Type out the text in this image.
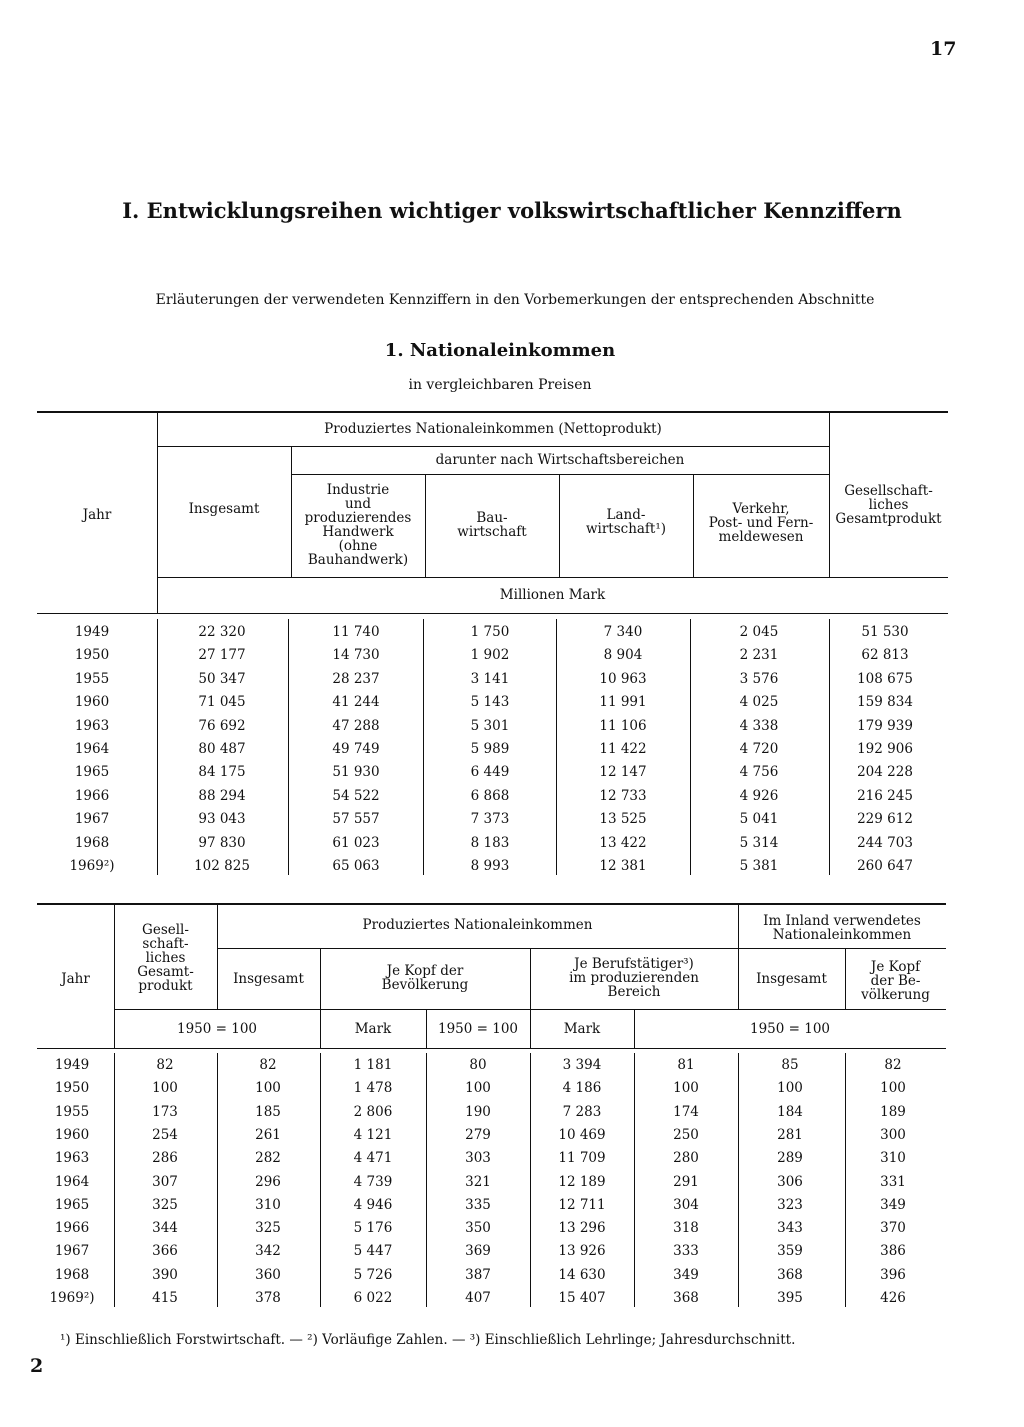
17
I. Entwicklungsreihen wichtiger volkswirtschaftlicher Kennziffern
Erläuterungen der verwendeten Kennziffern in den Vorbemerkungen der entsprechenden Abschnitte
1. Nationaleinkommen
in vergleichbaren Preisen
Jahr
Produziertes Nationaleinkommen (Nettoprodukt)
darunter nach Wirtschaftsbereichen
Insgesamt
Industrie
und
produzierendes
Handwerk
(ohne
Bauhandwerk)
Bau-
wirtschaft
Land-
wirtschaft¹)
Verkehr,
Post- und Fern-
meldewesen
Gesellschaft-
liches
Gesamtprodukt
Millionen Mark
1949	22 320	11 740	1 750	7 340	2 045	51 530
1950	27 177	14 730	1 902	8 904	2 231	62 813
1955	50 347	28 237	3 141	10 963	3 576	108 675
1960	71 045	41 244	5 143	11 991	4 025	159 834
1963	76 692	47 288	5 301	11 106	4 338	179 939
1964	80 487	49 749	5 989	11 422	4 720	192 906
1965	84 175	51 930	6 449	12 147	4 756	204 228
1966	88 294	54 522	6 868	12 733	4 926	216 245
1967	93 043	57 557	7 373	13 525	5 041	229 612
1968	97 830	61 023	8 183	13 422	5 314	244 703
1969²)	102 825	65 063	8 993	12 381	5 381	260 647
Jahr
Gesell-
schaft-
liches
Gesamt-
produkt
Produziertes Nationaleinkommen	Im Inland verwendetes
Nationaleinkommen
Insgesamt	Je Kopf der
Bevölkerung
Je Berufstätiger³)
im produzierenden
Bereich
Insgesamt
Je Kopf
der Be-
völkerung
1950 = 100	Mark	1950 = 100	Mark	1950 = 100
1949	82	82	1 181	80	3 394	81	85	82
1950	100	100	1 478	100	4 186	100	100	100
1955	173	185	2 806	190	7 283	174	184	189
1960	254	261	4 121	279	10 469	250	281	300
1963	286	282	4 471	303	11 709	280	289	310
1964	307	296	4 739	321	12 189	291	306	331
1965	325	310	4 946	335	12 711	304	323	349
1966	344	325	5 176	350	13 296	318	343	370
1967	366	342	5 447	369	13 926	333	359	386
1968	390	360	5 726	387	14 630	349	368	396
1969²)	415	378	6 022	407	15 407	368	395	426
¹) Einschließlich Forstwirtschaft. — ²) Vorläufige Zahlen. — ³) Einschließlich Lehrlinge; Jahresdurchschnitt.
2
